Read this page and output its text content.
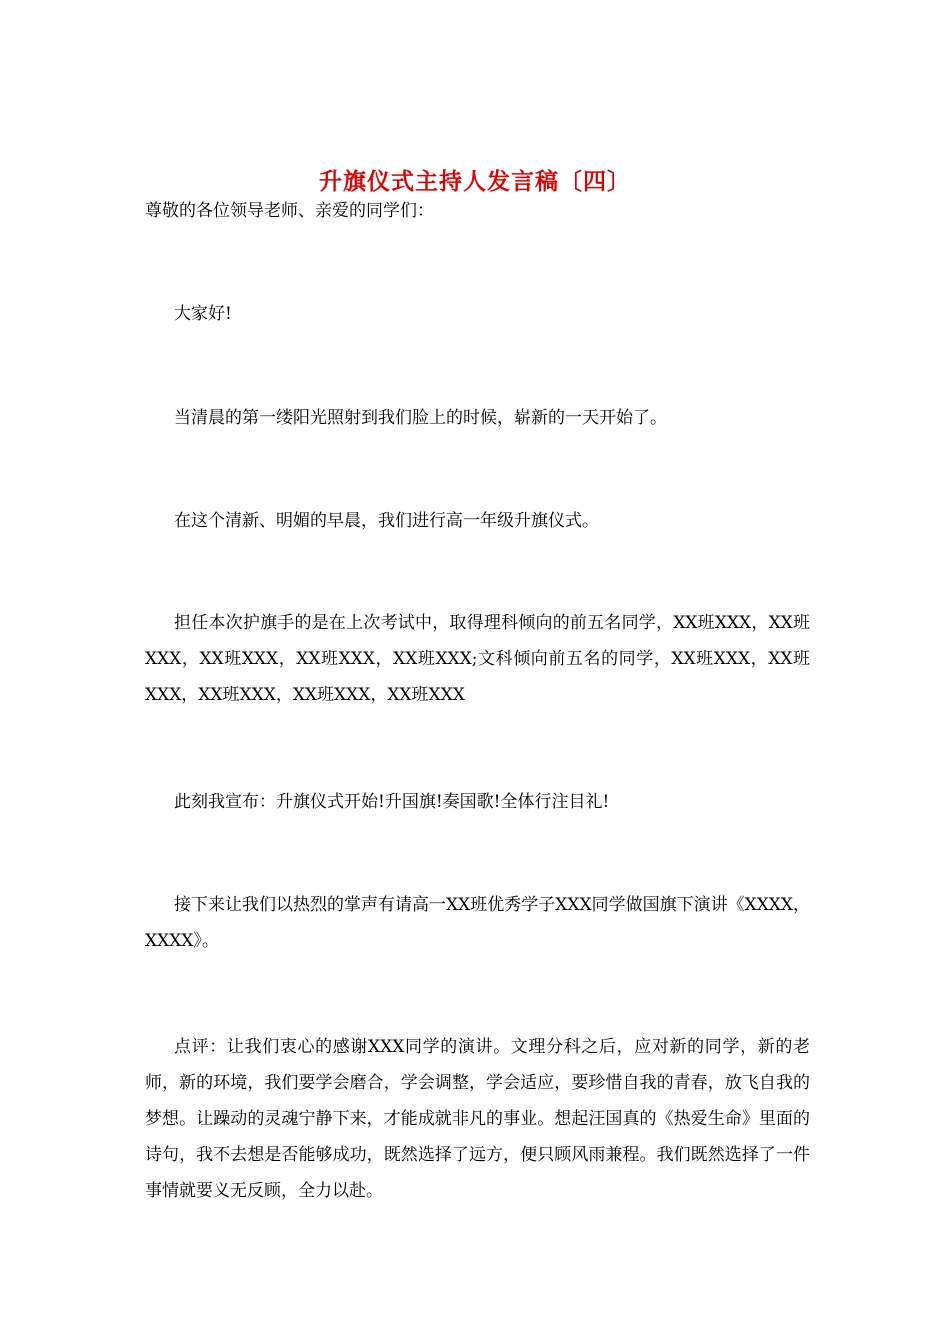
升旗仪式主持人发言稿〔四〕

尊敬的各位领导老师、亲爱的同学们：

大家好!

当清晨的第一缕阳光照射到我们脸上的时候，崭新的一天开始了。

在这个清新、明媚的早晨，我们进行高一年级升旗仪式。

担任本次护旗手的是在上次考试中，取得理科倾向的前五名同学，XX班XXX，XX班XXX，XX班XXX，XX班XXX，XX班XXX;文科倾向前五名的同学，XX班XXX，XX班XXX，XX班XXX，XX班XXX，XX班XXX

此刻我宣布：升旗仪式开始!升国旗!奏国歌!全体行注目礼!

接下来让我们以热烈的掌声有请高一XX班优秀学子XXX同学做国旗下演讲《XXXX，XXXX》。

点评：让我们衷心的感谢XXX同学的演讲。文理分科之后，应对新的同学，新的老师，新的环境，我们要学会磨合，学会调整，学会适应，要珍惜自我的青春，放飞自我的梦想。让躁动的灵魂宁静下来，才能成就非凡的事业。想起汪国真的《热爱生命》里面的诗句，我不去想是否能够成功，既然选择了远方，便只顾风雨兼程。我们既然选择了一件事情就要义无反顾，全力以赴。
